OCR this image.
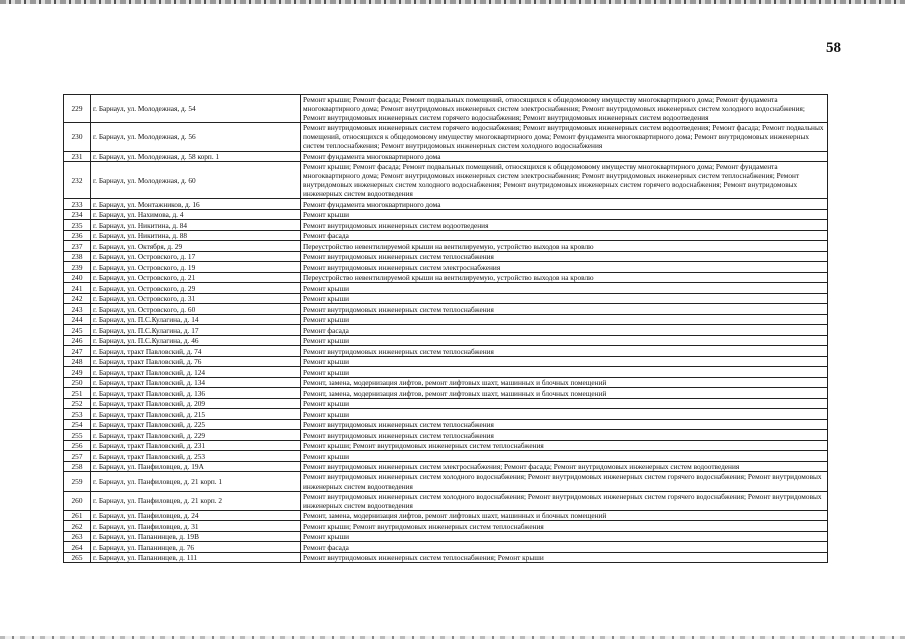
58
229	г. Барнаул, ул. Молодежная, д. 54	Ремонт крыши; Ремонт фасада; Ремонт подвальных помещений, относящихся к общедомовому имуществу многоквартирного дома; Ремонт фундамента многоквартирного дома; Ремонт внутридомовых инженерных систем электроснабжения; Ремонт внутридомовых инженерных систем холодного водоснабжения; Ремонт внутридомовых инженерных систем горячего водоснабжения; Ремонт внутридомовых инженерных систем водоотведения
230	г. Барнаул, ул. Молодежная, д. 56	Ремонт внутридомовых инженерных систем горячего водоснабжения; Ремонт внутридомовых инженерных систем водоотведения; Ремонт фасада; Ремонт подвальных помещений, относящихся к общедомовому имуществу многоквартирного дома; Ремонт фундамента многоквартирного дома; Ремонт внутридомовых инженерных систем теплоснабжения; Ремонт внутридомовых инженерных систем холодного водоснабжения
231	г. Барнаул, ул. Молодежная, д. 58 корп. 1	Ремонт фундамента многоквартирного дома
232	г. Барнаул, ул. Молодежная, д. 60	Ремонт крыши; Ремонт фасада; Ремонт подвальных помещений, относящихся к общедомовому имуществу многоквартирного дома; Ремонт фундамента многоквартирного дома; Ремонт внутридомовых инженерных систем электроснабжения; Ремонт внутридомовых инженерных систем теплоснабжения; Ремонт внутридомовых инженерных систем холодного водоснабжения; Ремонт внутридомовых инженерных систем горячего водоснабжения; Ремонт внутридомовых инженерных систем водоотведения
233	г. Барнаул, ул. Монтажников, д. 16	Ремонт фундамента многоквартирного дома
234	г. Барнаул, ул. Нахимова, д. 4	Ремонт крыши
235	г. Барнаул, ул. Никитина, д. 84	Ремонт внутридомовых инженерных систем водоотведения
236	г. Барнаул, ул. Никитина, д. 88	Ремонт фасада
237	г. Барнаул, ул. Октября, д. 29	Переустройство невентилируемой крыши на вентилируемую, устройство выходов на кровлю
238	г. Барнаул, ул. Островского, д. 17	Ремонт внутридомовых инженерных систем теплоснабжения
239	г. Барнаул, ул. Островского, д. 19	Ремонт внутридомовых инженерных систем электроснабжения
240	г. Барнаул, ул. Островского, д. 21	Переустройство невентилируемой крыши на вентилируемую, устройство выходов на кровлю
241	г. Барнаул, ул. Островского, д. 29	Ремонт крыши
242	г. Барнаул, ул. Островского, д. 31	Ремонт крыши
243	г. Барнаул, ул. Островского, д. 60	Ремонт внутридомовых инженерных систем теплоснабжения
244	г. Барнаул, ул. П.С.Кулагина, д. 14	Ремонт крыши
245	г. Барнаул, ул. П.С.Кулагина, д. 17	Ремонт фасада
246	г. Барнаул, ул. П.С.Кулагина, д. 46	Ремонт крыши
247	г. Барнаул, тракт Павловский, д. 74	Ремонт внутридомовых инженерных систем теплоснабжения
248	г. Барнаул, тракт Павловский, д. 76	Ремонт крыши
249	г. Барнаул, тракт Павловский, д. 124	Ремонт крыши
250	г. Барнаул, тракт Павловский, д. 134	Ремонт, замена, модернизация лифтов, ремонт лифтовых шахт, машинных и блочных помещений
251	г. Барнаул, тракт Павловский, д. 136	Ремонт, замена, модернизация лифтов, ремонт лифтовых шахт, машинных и блочных помещений
252	г. Барнаул, тракт Павловский, д. 209	Ремонт крыши
253	г. Барнаул, тракт Павловский, д. 215	Ремонт крыши
254	г. Барнаул, тракт Павловский, д. 225	Ремонт внутридомовых инженерных систем теплоснабжения
255	г. Барнаул, тракт Павловский, д. 229	Ремонт внутридомовых инженерных систем теплоснабжения
256	г. Барнаул, тракт Павловский, д. 231	Ремонт крыши; Ремонт внутридомовых инженерных систем теплоснабжения
257	г. Барнаул, тракт Павловский, д. 253	Ремонт крыши
258	г. Барнаул, ул. Панфиловцев, д. 19А	Ремонт внутридомовых инженерных систем электроснабжения; Ремонт фасада; Ремонт внутридомовых инженерных систем водоотведения
259	г. Барнаул, ул. Панфиловцев, д. 21 корп. 1	Ремонт внутридомовых инженерных систем холодного водоснабжения; Ремонт внутридомовых инженерных систем горячего водоснабжения; Ремонт внутридомовых инженерных систем водоотведения
260	г. Барнаул, ул. Панфиловцев, д. 21 корп. 2	Ремонт внутридомовых инженерных систем холодного водоснабжения; Ремонт внутридомовых инженерных систем горячего водоснабжения; Ремонт внутридомовых инженерных систем водоотведения
261	г. Барнаул, ул. Панфиловцев, д. 24	Ремонт, замена, модернизация лифтов, ремонт лифтовых шахт, машинных и блочных помещений
262	г. Барнаул, ул. Панфиловцев, д. 31	Ремонт крыши; Ремонт внутридомовых инженерных систем теплоснабжения
263	г. Барнаул, ул. Папанинцев, д. 19В	Ремонт крыши
264	г. Барнаул, ул. Папанинцев, д. 76	Ремонт фасада
265	г. Барнаул, ул. Папанинцев, д. 111	Ремонт внутридомовых инженерных систем теплоснабжения; Ремонт крыши
